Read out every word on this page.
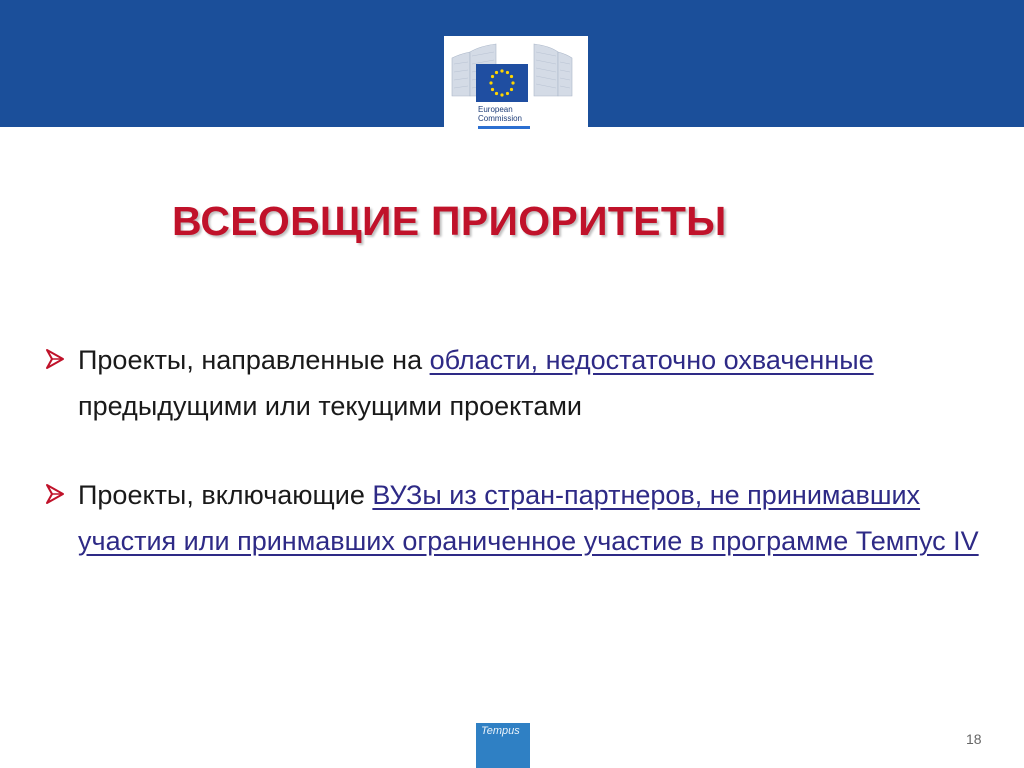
European
Commission
ВСЕОБЩИЕ ПРИОРИТЕТЫ
Проекты, направленные на области, недостаточно охваченные предыдущими или текущими проектами
Проекты, включающие ВУЗы из стран-партнеров, не принимавших участия или принмавших ограниченное участие в программе Темпус IV
Tempus	18
